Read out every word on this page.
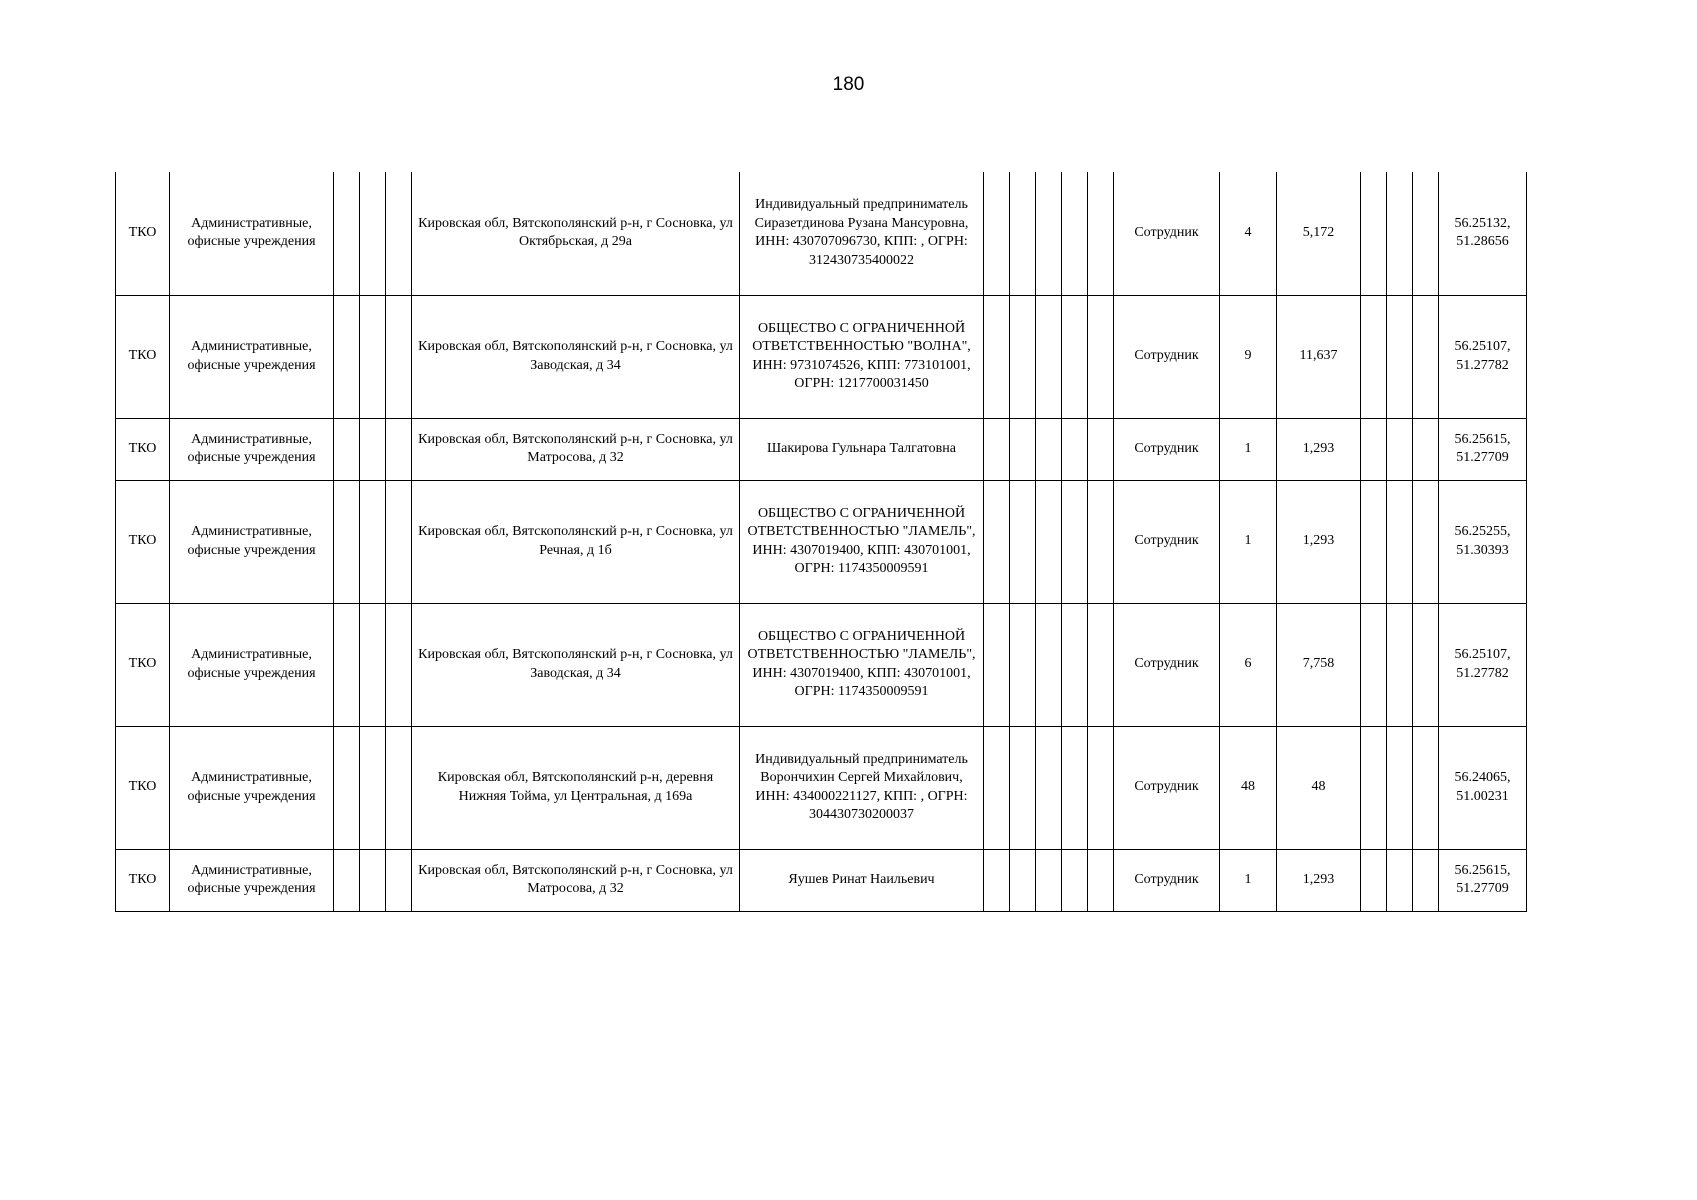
180
ТКО	Административные, офисные учреждения				Кировская обл, Вятскополянский р-н, г Сосновка, ул Октябрьская, д 29а	Индивидуальный предприниматель Сиразетдинова Рузана Мансуровна, ИНН: 430707096730, КПП: , ОГРН: 312430735400022						Сотрудник	4	5,172				56.25132, 51.28656
ТКО	Административные, офисные учреждения				Кировская обл, Вятскополянский р-н, г Сосновка, ул Заводская, д 34	ОБЩЕСТВО С ОГРАНИЧЕННОЙ ОТВЕТСТВЕННОСТЬЮ "ВОЛНА", ИНН: 9731074526, КПП: 773101001, ОГРН: 1217700031450						Сотрудник	9	11,637				56.25107, 51.27782
ТКО	Административные, офисные учреждения				Кировская обл, Вятскополянский р-н, г Сосновка, ул Матросова, д 32	Шакирова Гульнара Талгатовна						Сотрудник	1	1,293				56.25615, 51.27709
ТКО	Административные, офисные учреждения				Кировская обл, Вятскополянский р-н, г Сосновка, ул Речная, д 1б	ОБЩЕСТВО С ОГРАНИЧЕННОЙ ОТВЕТСТВЕННОСТЬЮ "ЛАМЕЛЬ", ИНН: 4307019400, КПП: 430701001, ОГРН: 1174350009591						Сотрудник	1	1,293				56.25255, 51.30393
ТКО	Административные, офисные учреждения				Кировская обл, Вятскополянский р-н, г Сосновка, ул Заводская, д 34	ОБЩЕСТВО С ОГРАНИЧЕННОЙ ОТВЕТСТВЕННОСТЬЮ "ЛАМЕЛЬ", ИНН: 4307019400, КПП: 430701001, ОГРН: 1174350009591						Сотрудник	6	7,758				56.25107, 51.27782
ТКО	Административные, офисные учреждения				Кировская обл, Вятскополянский р-н, деревня Нижняя Тойма, ул Центральная, д 169а	Индивидуальный предприниматель Ворончихин Сергей Михайлович, ИНН: 434000221127, КПП: , ОГРН: 304430730200037						Сотрудник	48	48				56.24065, 51.00231
ТКО	Административные, офисные учреждения				Кировская обл, Вятскополянский р-н, г Сосновка, ул Матросова, д 32	Яушев Ринат Наильевич						Сотрудник	1	1,293				56.25615, 51.27709
